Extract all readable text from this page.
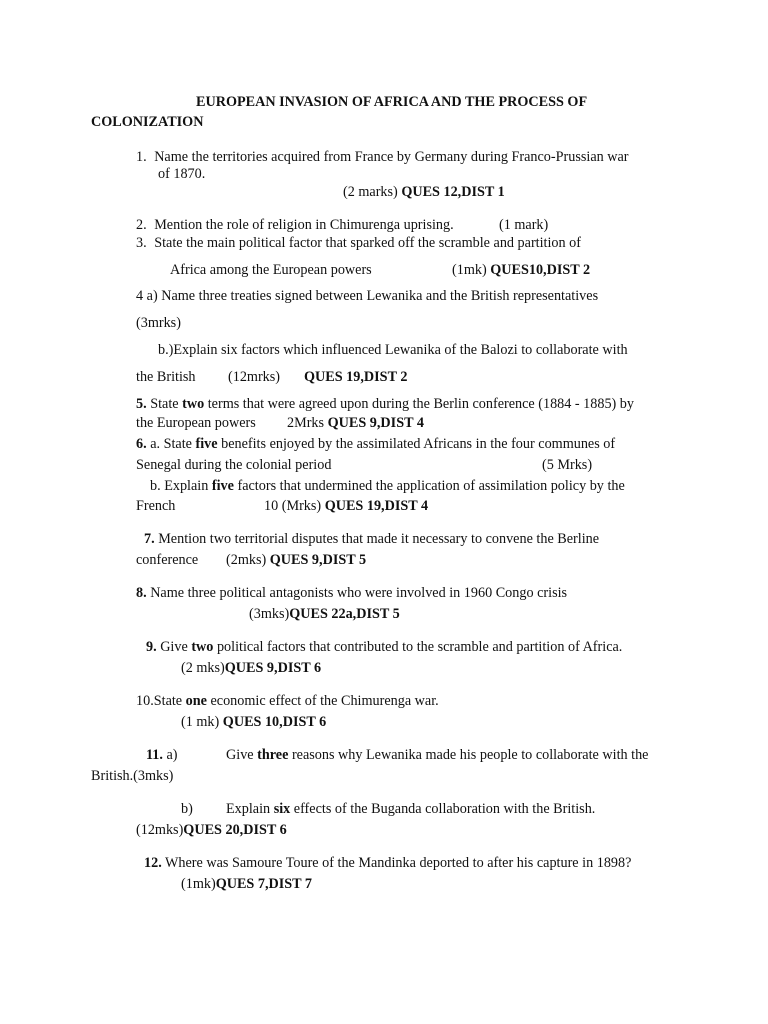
EUROPEAN INVASION OF AFRICA AND THE PROCESS OF
COLONIZATION
1. Name the territories acquired from France by Germany during Franco-Prussian war
of 1870.
(2 marks) QUES 12,DIST 1
2. Mention the role of religion in Chimurenga uprising.	(1 mark)
3. State the main political factor that sparked off the scramble and partition of
Africa among the European powers	(1mk) QUES10,DIST 2
4 a) Name three treaties signed between Lewanika and the British representatives
(3mrks)
b.)Explain six factors which influenced Lewanika of the Balozi to collaborate with
the British (12mrks) QUES 19,DIST 2
5. State two terms that were agreed upon during the Berlin conference (1884 - 1885) by
the European powers 2Mrks QUES 9,DIST 4
6. a. State five benefits enjoyed by the assimilated Africans in the four communes of
Senegal during the colonial period	(5 Mrks)
b. Explain five factors that undermined the application of assimilation policy by the
French	10 (Mrks) QUES 19,DIST 4
7. Mention two territorial disputes that made it necessary to convene the Berline
conference (2mks) QUES 9,DIST 5
8. Name three political antagonists who were involved in 1960 Congo crisis
(3mks)QUES 22a,DIST 5
9. Give two political factors that contributed to the scramble and partition of Africa.
(2 mks)QUES 9,DIST 6
10.State one economic effect of the Chimurenga war.
(1 mk) QUES 10,DIST 6
11. a)	Give three reasons why Lewanika made his people to collaborate with the
British.(3mks)
b) Explain six effects of the Buganda collaboration with the British.
(12mks)QUES 20,DIST 6
12. Where was Samoure Toure of the Mandinka deported to after his capture in 1898?
(1mk)QUES 7,DIST 7
